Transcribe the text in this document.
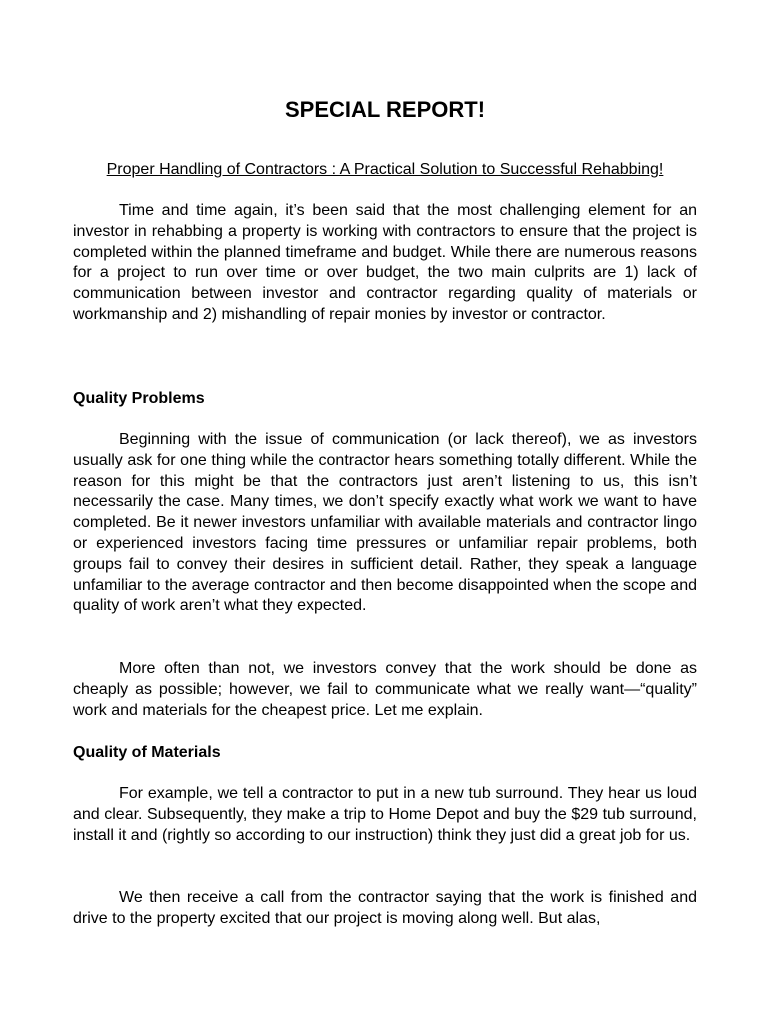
SPECIAL REPORT!

Proper Handling of Contractors : A Practical Solution to Successful Rehabbing!

Time and time again, it’s been said that the most challenging element for an investor in rehabbing a property is working with contractors to ensure that the project is completed within the planned timeframe and budget. While there are numerous reasons for a project to run over time or over budget, the two main culprits are 1) lack of communication between investor and contractor regarding quality of materials or workmanship and 2) mishandling of repair monies by investor or contractor.

Quality Problems

Beginning with the issue of communication (or lack thereof), we as investors usually ask for one thing while the contractor hears something totally different. While the reason for this might be that the contractors just aren’t listening to us, this isn’t necessarily the case. Many times, we don’t specify exactly what work we want to have completed. Be it newer investors unfamiliar with available materials and contractor lingo or experienced investors facing time pressures or unfamiliar repair problems, both groups fail to convey their desires in sufficient detail. Rather, they speak a language unfamiliar to the average contractor and then become disappointed when the scope and quality of work aren’t what they expected.

More often than not, we investors convey that the work should be done as cheaply as possible; however, we fail to communicate what we really want—“quality” work and materials for the cheapest price. Let me explain.

Quality of Materials

For example, we tell a contractor to put in a new tub surround. They hear us loud and clear. Subsequently, they make a trip to Home Depot and buy the $29 tub surround, install it and (rightly so according to our instruction) think they just did a great job for us.

We then receive a call from the contractor saying that the work is finished and drive to the property excited that our project is moving along well. But alas,
